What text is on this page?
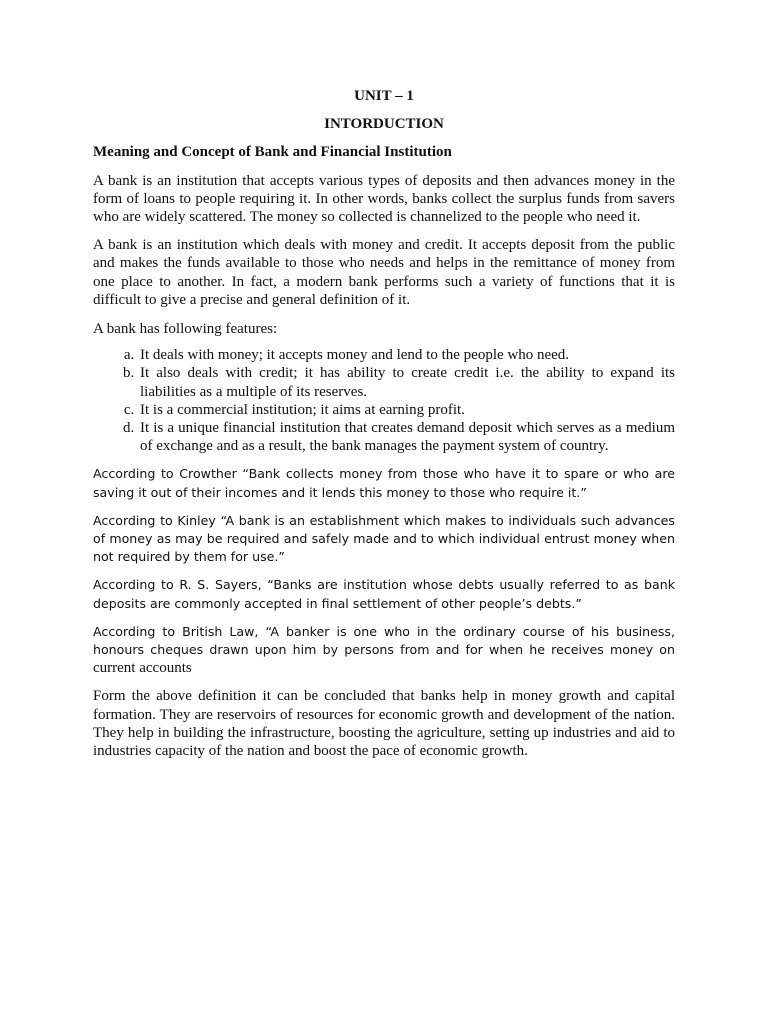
UNIT – 1

INTORDUCTION

Meaning and Concept of Bank and Financial Institution

A bank is an institution that accepts various types of deposits and then advances money in the form of loans to people requiring it. In other words, banks collect the surplus funds from savers who are widely scattered. The money so collected is channelized to the people who need it.

A bank is an institution which deals with money and credit. It accepts deposit from the public and makes the funds available to those who needs and helps in the remittance of money from one place to another. In fact, a modern bank performs such a variety of functions that it is difficult to give a precise and general definition of it.

A bank has following features:

a. It deals with money; it accepts money and lend to the people who need.
b. It also deals with credit; it has ability to create credit i.e. the ability to expand its liabilities as a multiple of its reserves.
c. It is a commercial institution; it aims at earning profit.
d. It is a unique financial institution that creates demand deposit which serves as a medium of exchange and as a result, the bank manages the payment system of country.

According to Crowther “Bank collects money from those who have it to spare or who are saving it out of their incomes and it lends this money to those who require it.”

According to Kinley “A bank is an establishment which makes to individuals such advances of money as may be required and safely made and to which individual entrust money when not required by them for use.”

According to R. S. Sayers, “Banks are institution whose debts usually referred to as bank deposits are commonly accepted in final settlement of other people’s debts.”

According to British Law, “A banker is one who in the ordinary course of his business, honours cheques drawn upon him by persons from and for when he receives money on current accounts

Form the above definition it can be concluded that banks help in money growth and capital formation. They are reservoirs of resources for economic growth and development of the nation. They help in building the infrastructure, boosting the agriculture, setting up industries and aid to industries capacity of the nation and boost the pace of economic growth.
